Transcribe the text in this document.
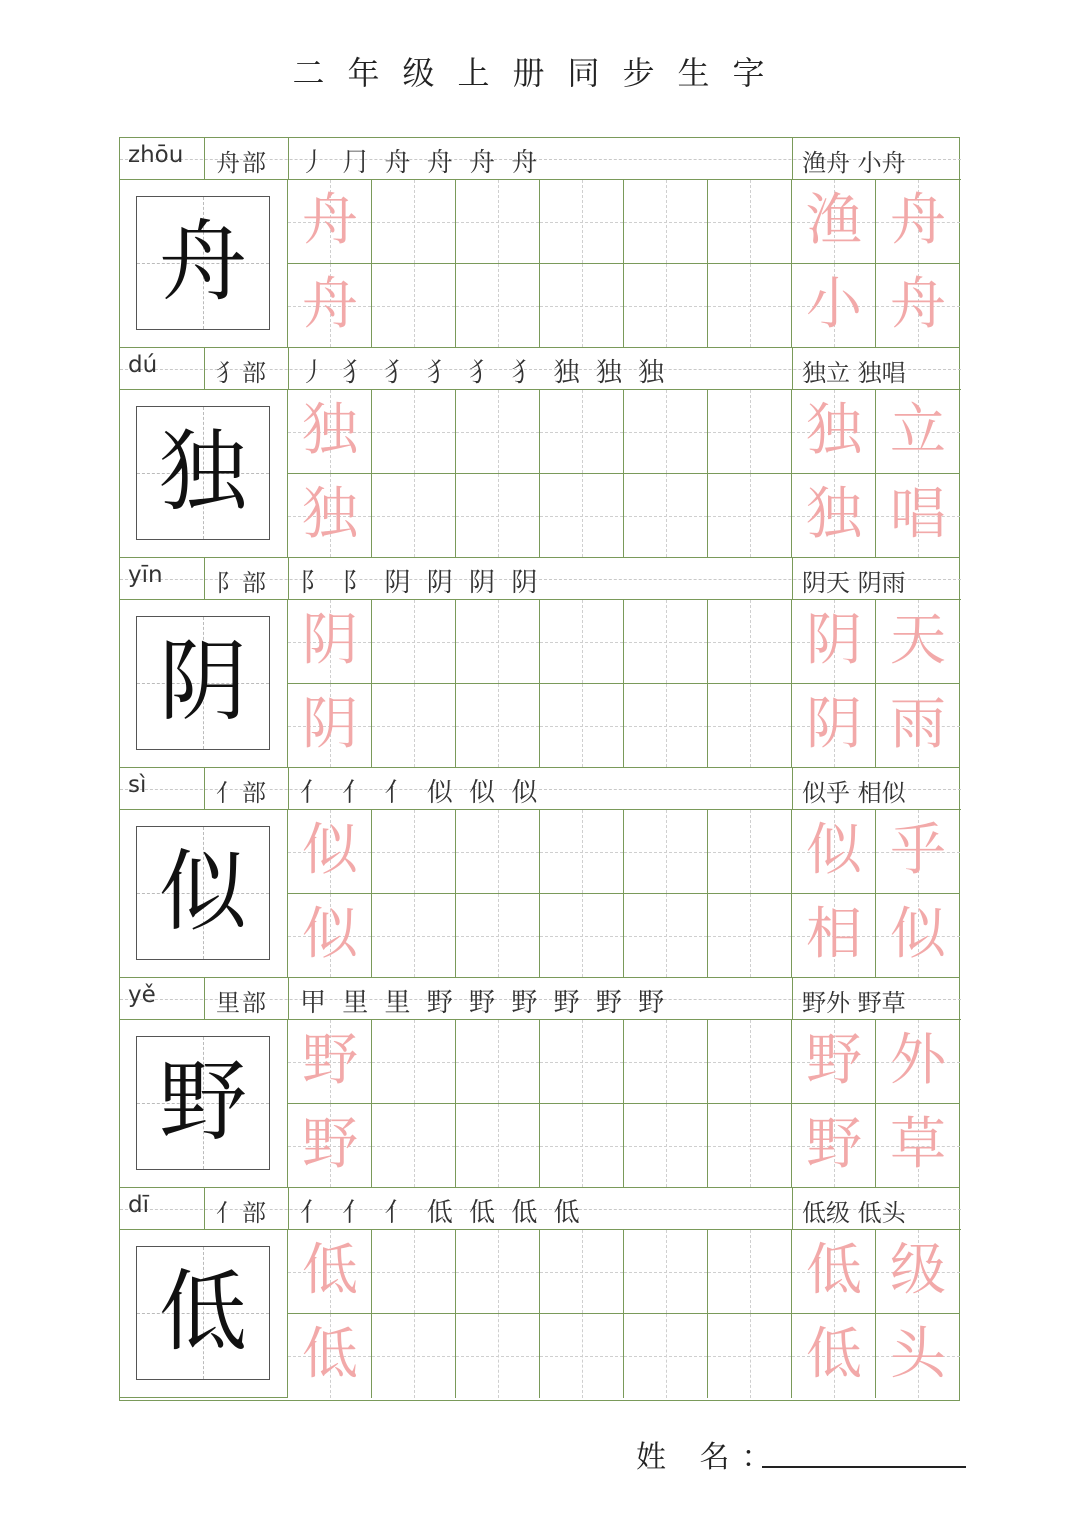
二年级上册同步生字
zhōu	舟部	丿 ⺆ 舟 舟 舟 舟	渔舟 小舟
舟 舟	渔 舟
舟	小 舟
dú	犭部	丿 犭 犭 犭 犭 犭 独 独 独	独立 独唱
独 独	独 立
独	独 唱
yīn	阝部	阝 阝 阴 阴 阴 阴	阴天 阴雨
阴 阴	阴 天
阴	阴 雨
sì	亻部	亻 亻 亻 似 似 似	似乎 相似
似 似	似 乎
似	相 似
yě	里部	甲 里 里 野 野 野 野 野 野	野外 野草
野 野	野 外
野	野 草
dī	亻部	亻 亻 亻 低 低 低 低	低级 低头
低 低	低 级
低	低 头
姓 名：
